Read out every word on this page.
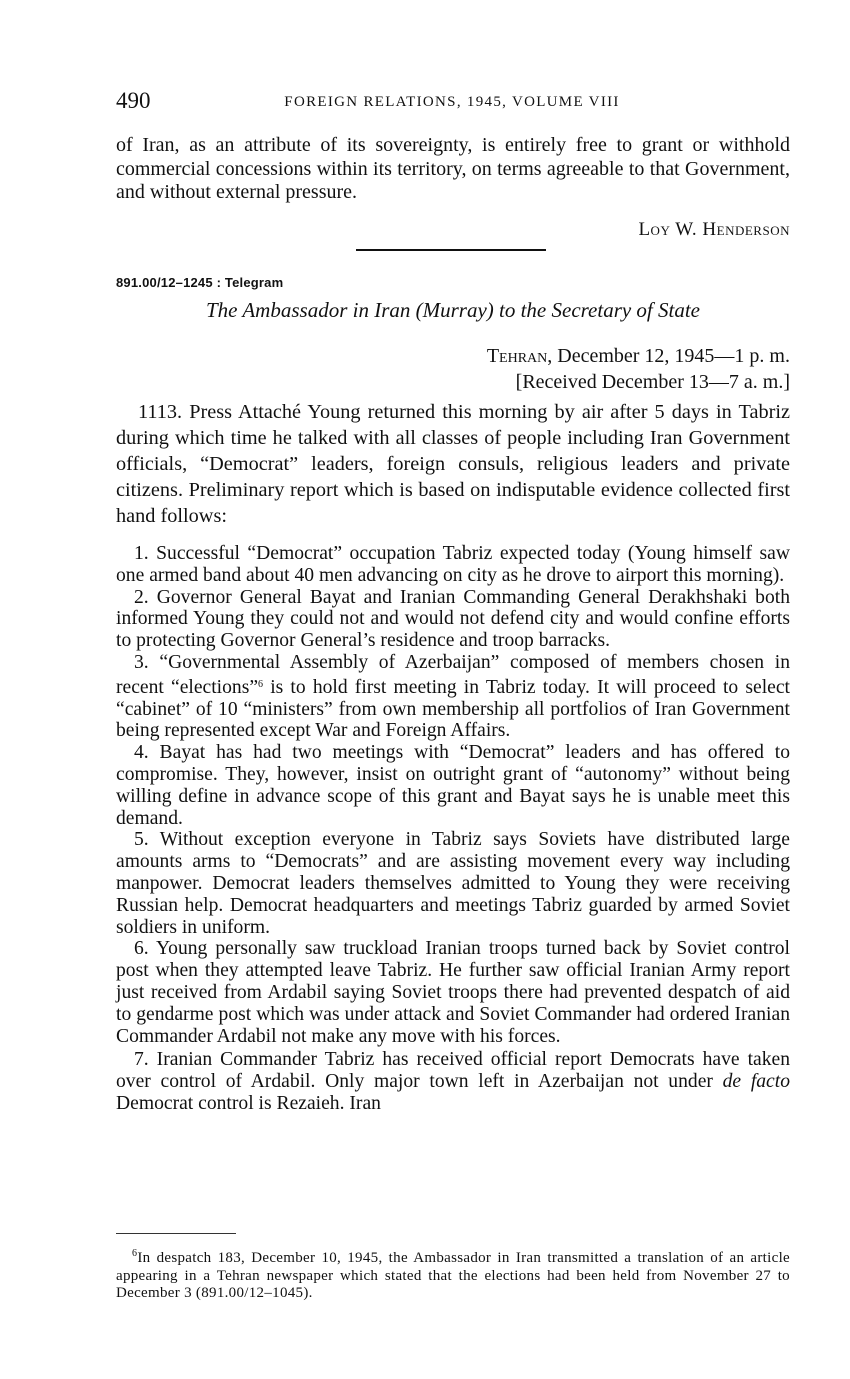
490	FOREIGN RELATIONS, 1945, VOLUME VIII
of Iran, as an attribute of its sovereignty, is entirely free to grant or withhold commercial concessions within its territory, on terms agreeable to that Government, and without external pressure.
Loy W. Henderson
891.00/12–1245 : Telegram
The Ambassador in Iran (Murray) to the Secretary of State
Tehran, December 12, 1945—1 p. m.
[Received December 13—7 a. m.]
1113. Press Attaché Young returned this morning by air after 5 days in Tabriz during which time he talked with all classes of people including Iran Government officials, “Democrat” leaders, foreign consuls, religious leaders and private citizens. Preliminary report which is based on indisputable evidence collected first hand follows:

1. Successful “Democrat” occupation Tabriz expected today (Young himself saw one armed band about 40 men advancing on city as he drove to airport this morning).

2. Governor General Bayat and Iranian Commanding General Derakhshaki both informed Young they could not and would not defend city and would confine efforts to protecting Governor General’s residence and troop barracks.

3. “Governmental Assembly of Azerbaijan” composed of members chosen in recent “elections”$^6$ is to hold first meeting in Tabriz today. It will proceed to select “cabinet” of 10 “ministers” from own membership all portfolios of Iran Government being represented except War and Foreign Affairs.

4. Bayat has had two meetings with “Democrat” leaders and has offered to compromise. They, however, insist on outright grant of “autonomy” without being willing define in advance scope of this grant and Bayat says he is unable meet this demand.

5. Without exception everyone in Tabriz says Soviets have distributed large amounts arms to “Democrats” and are assisting movement every way including manpower. Democrat leaders themselves admitted to Young they were receiving Russian help. Democrat headquarters and meetings Tabriz guarded by armed Soviet soldiers in uniform.

6. Young personally saw truckload Iranian troops turned back by Soviet control post when they attempted leave Tabriz. He further saw official Iranian Army report just received from Ardabil saying Soviet troops there had prevented despatch of aid to gendarme post which was under attack and Soviet Commander had ordered Iranian Commander Ardabil not make any move with his forces.

7. Iranian Commander Tabriz has received official report Democrats have taken over control of Ardabil. Only major town left in Azerbaijan not under de facto Democrat control is Rezaieh. Iran

$^6$In despatch 183, December 10, 1945, the Ambassador in Iran transmitted a translation of an article appearing in a Tehran newspaper which stated that the elections had been held from November 27 to December 3 (891.00/12–1045).
